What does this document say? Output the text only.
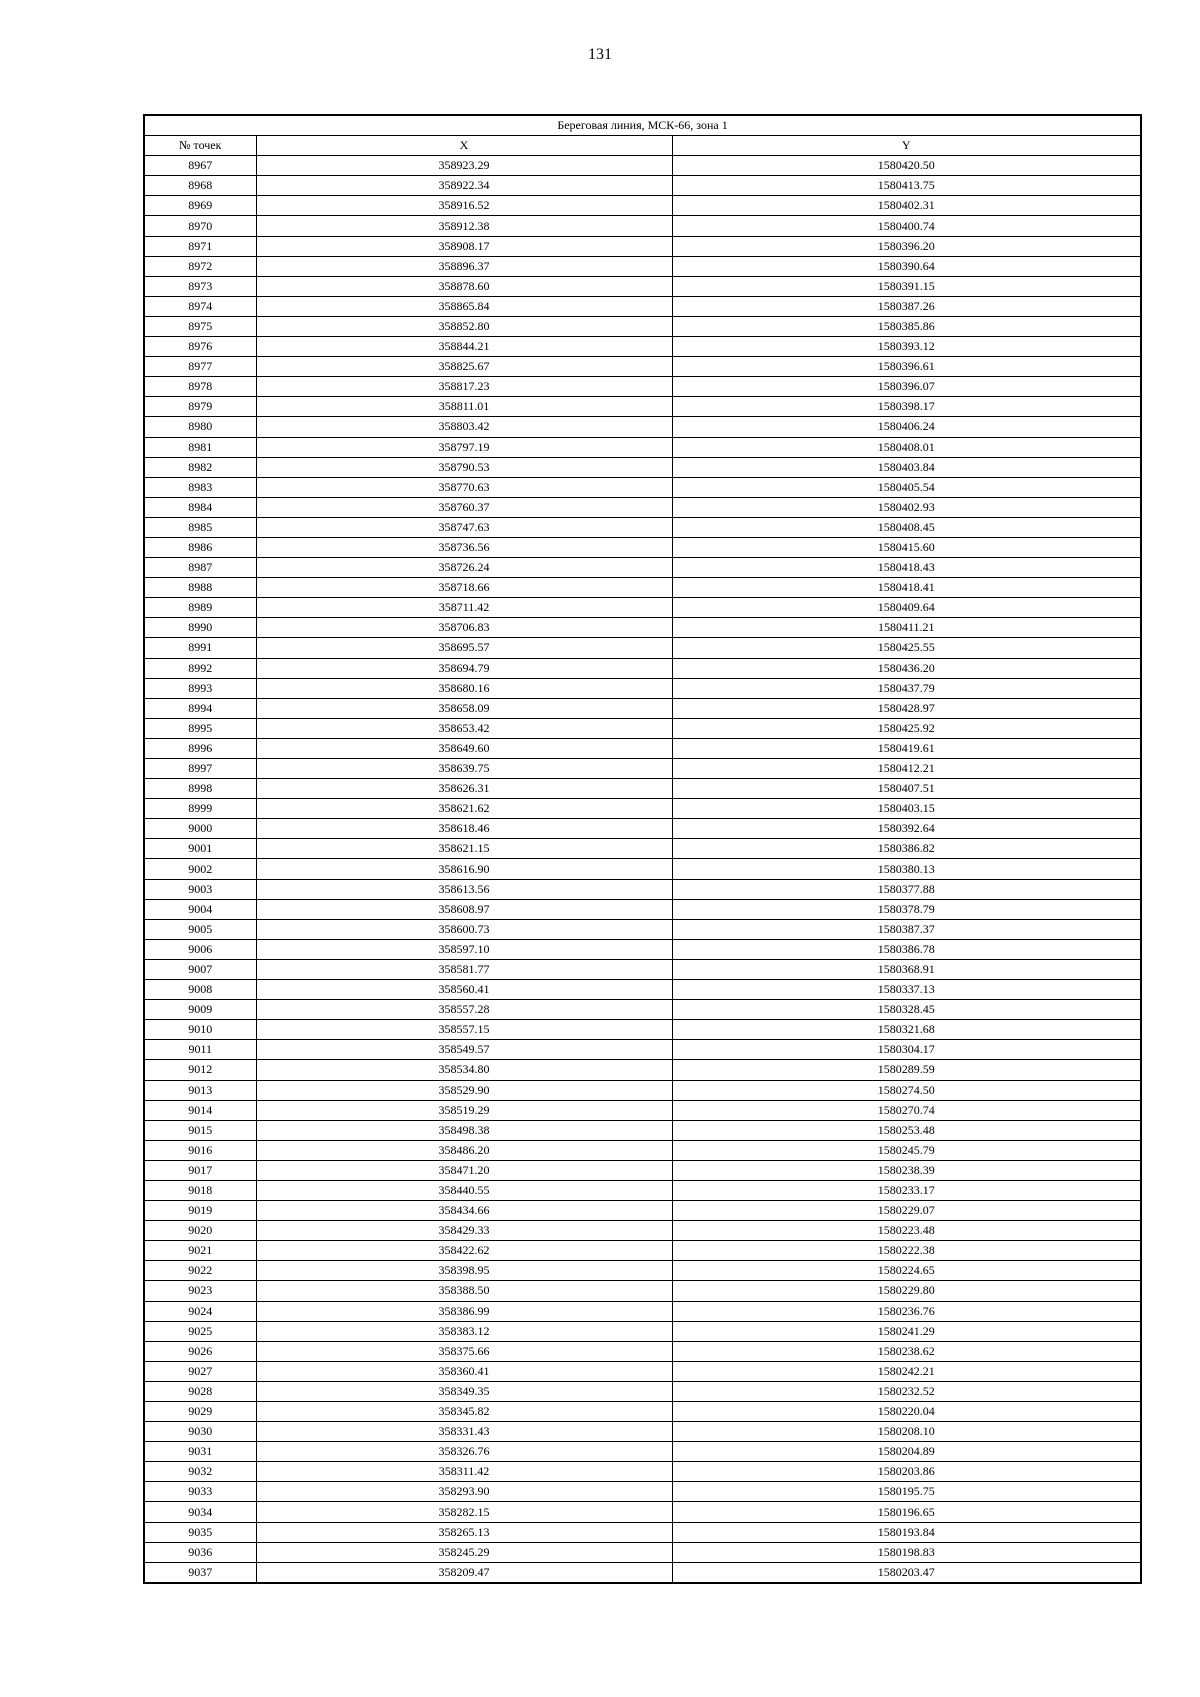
131
Береговая линия, МСК-66, зона 1		
№ точек	X	Y
8967	358923.29	1580420.50
8968	358922.34	1580413.75
8969	358916.52	1580402.31
8970	358912.38	1580400.74
8971	358908.17	1580396.20
8972	358896.37	1580390.64
8973	358878.60	1580391.15
8974	358865.84	1580387.26
8975	358852.80	1580385.86
8976	358844.21	1580393.12
8977	358825.67	1580396.61
8978	358817.23	1580396.07
8979	358811.01	1580398.17
8980	358803.42	1580406.24
8981	358797.19	1580408.01
8982	358790.53	1580403.84
8983	358770.63	1580405.54
8984	358760.37	1580402.93
8985	358747.63	1580408.45
8986	358736.56	1580415.60
8987	358726.24	1580418.43
8988	358718.66	1580418.41
8989	358711.42	1580409.64
8990	358706.83	1580411.21
8991	358695.57	1580425.55
8992	358694.79	1580436.20
8993	358680.16	1580437.79
8994	358658.09	1580428.97
8995	358653.42	1580425.92
8996	358649.60	1580419.61
8997	358639.75	1580412.21
8998	358626.31	1580407.51
8999	358621.62	1580403.15
9000	358618.46	1580392.64
9001	358621.15	1580386.82
9002	358616.90	1580380.13
9003	358613.56	1580377.88
9004	358608.97	1580378.79
9005	358600.73	1580387.37
9006	358597.10	1580386.78
9007	358581.77	1580368.91
9008	358560.41	1580337.13
9009	358557.28	1580328.45
9010	358557.15	1580321.68
9011	358549.57	1580304.17
9012	358534.80	1580289.59
9013	358529.90	1580274.50
9014	358519.29	1580270.74
9015	358498.38	1580253.48
9016	358486.20	1580245.79
9017	358471.20	1580238.39
9018	358440.55	1580233.17
9019	358434.66	1580229.07
9020	358429.33	1580223.48
9021	358422.62	1580222.38
9022	358398.95	1580224.65
9023	358388.50	1580229.80
9024	358386.99	1580236.76
9025	358383.12	1580241.29
9026	358375.66	1580238.62
9027	358360.41	1580242.21
9028	358349.35	1580232.52
9029	358345.82	1580220.04
9030	358331.43	1580208.10
9031	358326.76	1580204.89
9032	358311.42	1580203.86
9033	358293.90	1580195.75
9034	358282.15	1580196.65
9035	358265.13	1580193.84
9036	358245.29	1580198.83
9037	358209.47	1580203.47
